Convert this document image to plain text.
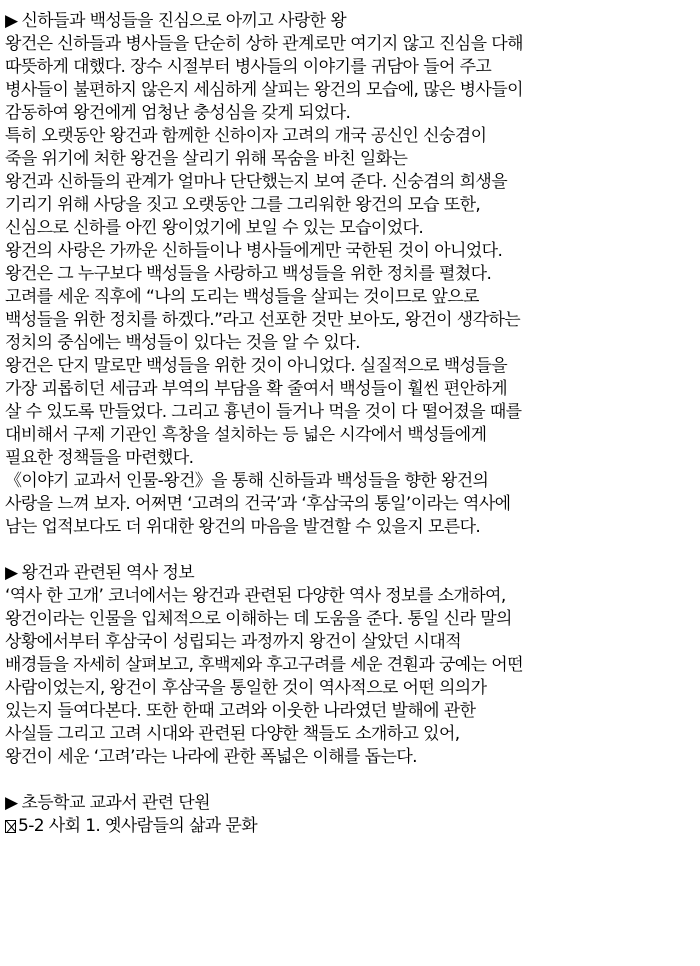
▶ 신하들과 백성들을 진심으로 아끼고 사랑한 왕
왕건은 신하들과 병사들을 단순히 상하 관계로만 여기지 않고 진심을 다해
따뜻하게 대했다. 장수 시절부터 병사들의 이야기를 귀담아 들어 주고
병사들이 불편하지 않은지 세심하게 살피는 왕건의 모습에, 많은 병사들이
감동하여 왕건에게 엄청난 충성심을 갖게 되었다.
특히 오랫동안 왕건과 함께한 신하이자 고려의 개국 공신인 신숭겸이
죽을 위기에 처한 왕건을 살리기 위해 목숨을 바친 일화는
왕건과 신하들의 관계가 얼마나 단단했는지 보여 준다. 신숭겸의 희생을
기리기 위해 사당을 짓고 오랫동안 그를 그리워한 왕건의 모습 또한,
신심으로 신하를 아낀 왕이었기에 보일 수 있는 모습이었다.
왕건의 사랑은 가까운 신하들이나 병사들에게만 국한된 것이 아니었다.
왕건은 그 누구보다 백성들을 사랑하고 백성들을 위한 정치를 펼쳤다.
고려를 세운 직후에 “나의 도리는 백성들을 살피는 것이므로 앞으로
백성들을 위한 정치를 하겠다.”라고 선포한 것만 보아도, 왕건이 생각하는
정치의 중심에는 백성들이 있다는 것을 알 수 있다.
왕건은 단지 말로만 백성들을 위한 것이 아니었다. 실질적으로 백성들을
가장 괴롭히던 세금과 부역의 부담을 확 줄여서 백성들이 훨씬 편안하게
살 수 있도록 만들었다. 그리고 흉년이 들거나 먹을 것이 다 떨어졌을 때를
대비해서 구제 기관인 흑창을 설치하는 등 넓은 시각에서 백성들에게
필요한 정책들을 마련했다.
《이야기 교과서 인물-왕건》을 통해 신하들과 백성들을 향한 왕건의
사랑을 느껴 보자. 어쩌면 ‘고려의 건국’과 ‘후삼국의 통일’이라는 역사에
남는 업적보다도 더 위대한 왕건의 마음을 발견할 수 있을지 모른다.
▶ 왕건과 관련된 역사 정보
‘역사 한 고개’ 코너에서는 왕건과 관련된 다양한 역사 정보를 소개하여,
왕건이라는 인물을 입체적으로 이해하는 데 도움을 준다. 통일 신라 말의
상황에서부터 후삼국이 성립되는 과정까지 왕건이 살았던 시대적
배경들을 자세히 살펴보고, 후백제와 후고구려를 세운 견훤과 궁예는 어떤
사람이었는지, 왕건이 후삼국을 통일한 것이 역사적으로 어떤 의의가
있는지 들여다본다. 또한 한때 고려와 이웃한 나라였던 발해에 관한
사실들 그리고 고려 시대와 관련된 다양한 책들도 소개하고 있어,
왕건이 세운 ‘고려’라는 나라에 관한 폭넓은 이해를 돕는다.
▶ 초등학교 교과서 관련 단원
5-2 사회 1. 옛사람들의 삶과 문화
